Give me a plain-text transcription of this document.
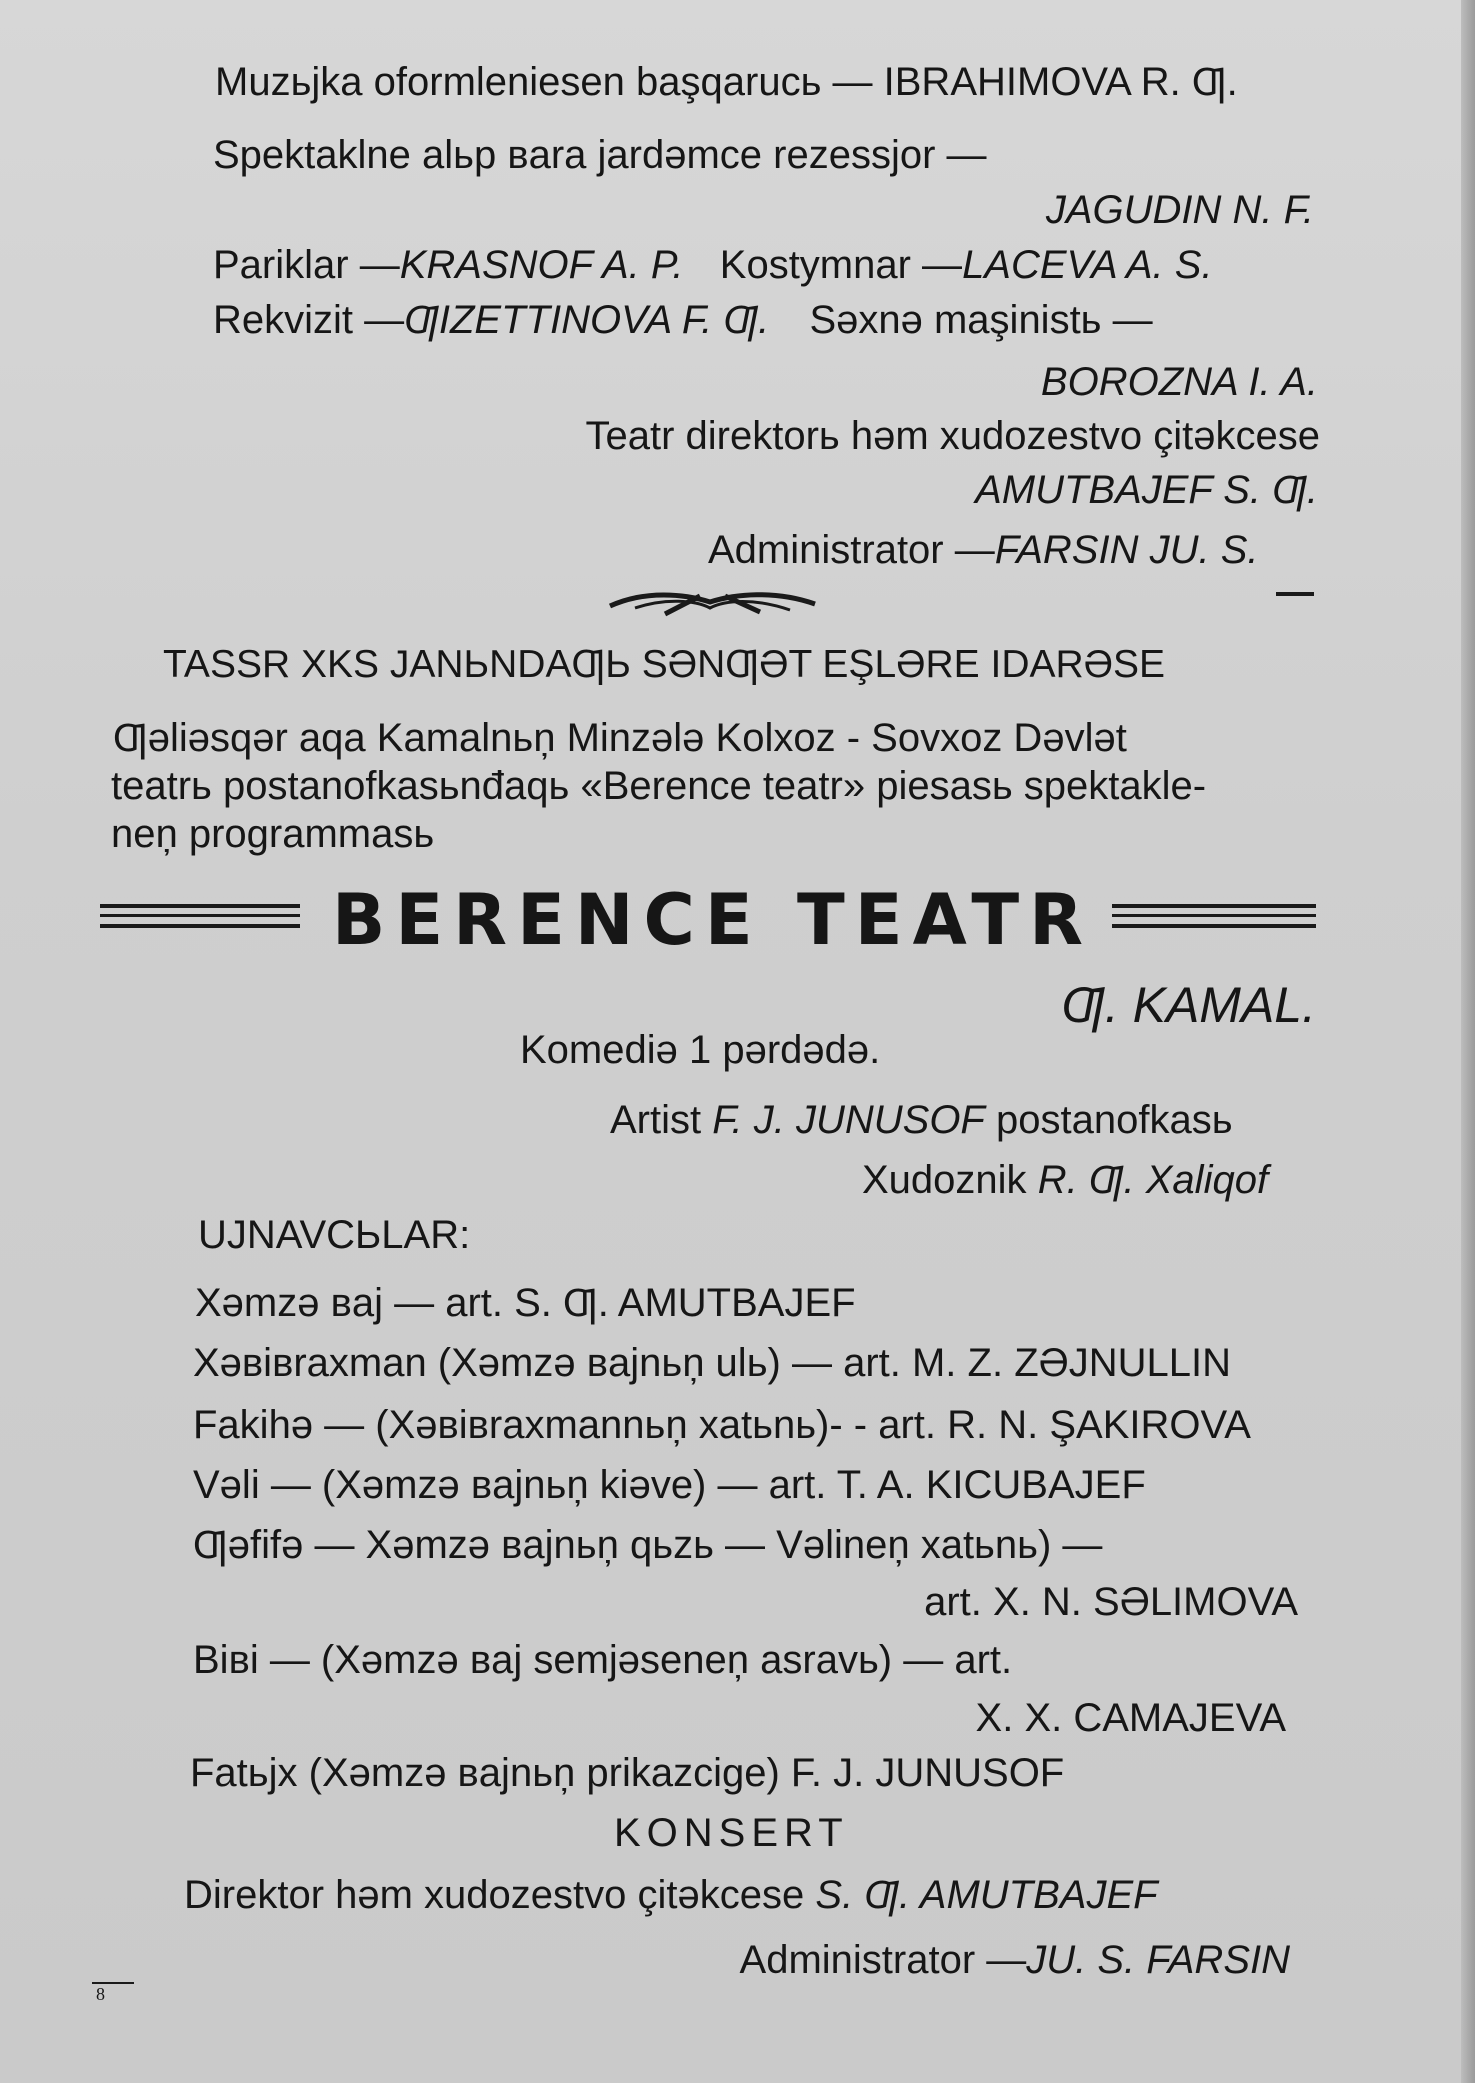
Muzьjka oformleniesen başqarucь — IBRAHIMOVA R. Ƣ.
Spektaklne alьp вara jardəmce rezessjor —
JAGUDIN N. F.
Pariklar —KRASNOF A. P. Kostymnar —LACEVA A. S.
Rekvizit —ƢIZETTINOVA F. Ƣ. Səxnə maşinistь —
BOROZNA I. A.
Teatr direktorь həm xudozestvo çitəkcese
AMUTBAJEF S. Ƣ.
Administrator —FARSIN JU. S.
TASSR XKS JANЬNDAƢЬ SƏNƢƏT EŞLƏRE IDARƏSE
Ƣəliəsqər aqa Kamalnьņ Minzələ Kolxoz - Sovxoz Dəvlət
teatrь postanofkasьnđaqь «Berence teatr» piesasь spektakle-
neņ programmasь
BERENCE TEATR
Ƣ. KAMAL.
Komediə 1 pərdədə.
Artist F. J. JUNUSOF postanofkasь
Xudoznik R. Ƣ. Xaliqof
UJNAVCЬLAR:
Xəmzə вaj — art. S. Ƣ. AMUTBAJEF
Xəвiвraxman (Xəmzə вajnьņ ulь) — art. M. Z. ZƏJNULLIN
Fakihə — (Xəвiвraxmannьņ xatьnь)- - art. R. N. ŞAKIROVA
Vəli — (Xəmzə вajnьņ kiəve) — art. T. A. KICUBAJEF
Ƣəfifə — Xəmzə вajnьņ qьzь — Vəlineņ xatьnь) —
art. X. N. SƏLIMOVA
Biвi — (Xəmzə вaj semjəseneņ asravь) — art.
X. X. CAMAJEVA
Fatьjx (Xəmzə вajnьņ prikazcige) F. J. JUNUSOF
KONSERT
Direktor həm xudozestvo çitəkcese S. Ƣ. AMUTBAJEF
Administrator —JU. S. FARSIN
8
